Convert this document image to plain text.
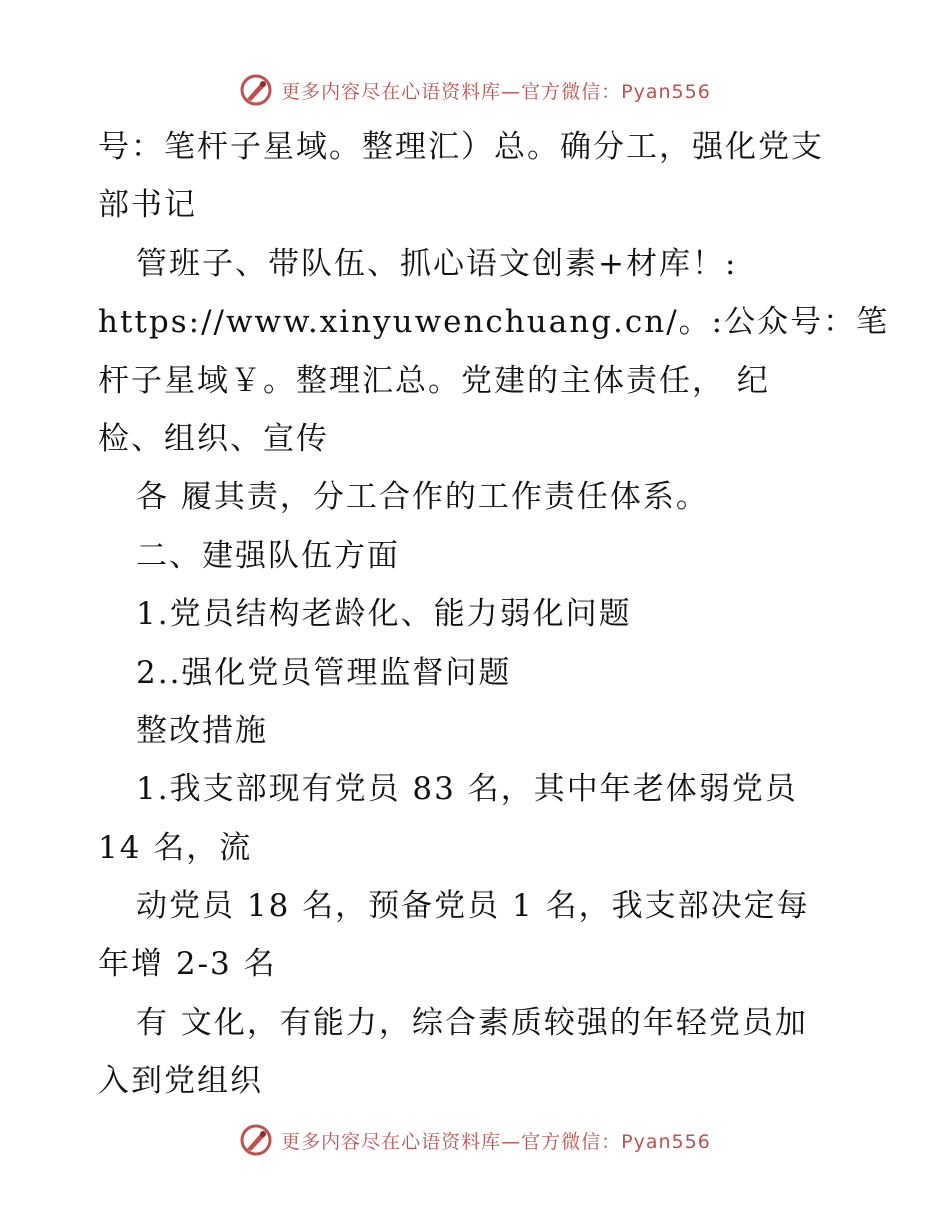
更多内容尽在心语资料库—官方微信：Pyan556
号：笔杆子星域。整理汇）总。确分工，强化党支
部书记
管班子、带队伍、抓心语文创素+材库！:
https://www.xinyuwenchuang.cn/。:公众号：笔
杆子星域￥。整理汇总。党建的主体责任， 纪
检、组织、宣传
各 履其责，分工合作的工作责任体系。
二、建强队伍方面
1.党员结构老龄化、能力弱化问题
2..强化党员管理监督问题
整改措施
1.我支部现有党员 83 名，其中年老体弱党员
14 名，流
动党员 18 名，预备党员 1 名，我支部决定每
年增 2-3 名
有 文化，有能力，综合素质较强的年轻党员加
入到党组织
更多内容尽在心语资料库—官方微信：Pyan556
